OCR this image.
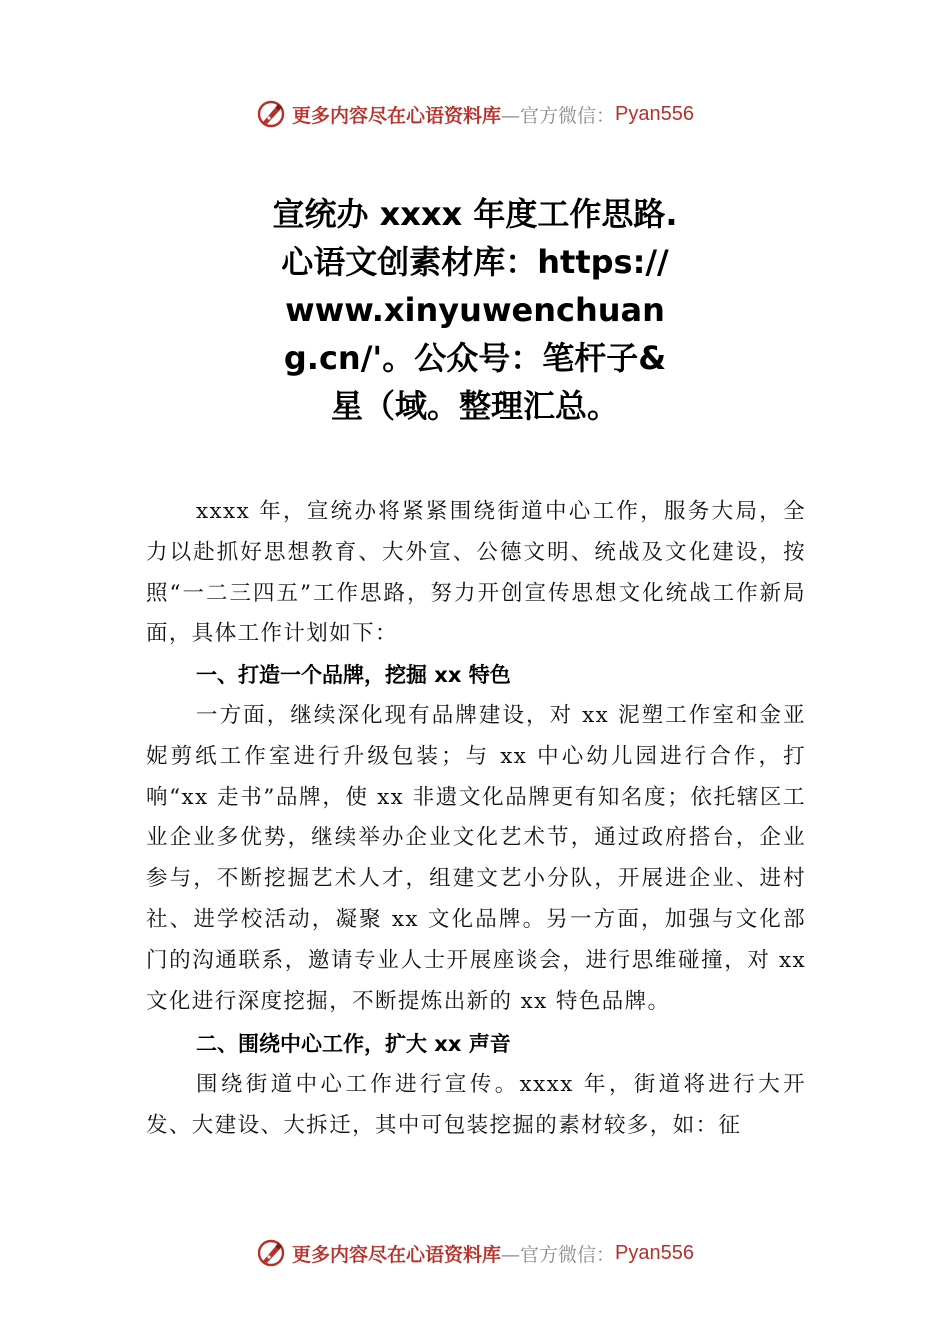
更多内容尽在心语资料库 —官方微信： Pyan556
宣统办 xxxx 年度工作思路.心语文创素材库：https://www.xinyuwenchuang.cn/'。公众号：笔杆子&星（域。整理汇总。

xxxx 年，宣统办将紧紧围绕街道中心工作，服务大局，全力以赴抓好思想教育、大外宣、公德文明、统战及文化建设，按照“一二三四五”工作思路，努力开创宣传思想文化统战工作新局面，具体工作计划如下：

一、打造一个品牌，挖掘 xx 特色

一方面，继续深化现有品牌建设，对 xx 泥塑工作室和金亚妮剪纸工作室进行升级包装；与 xx 中心幼儿园进行合作，打响“xx 走书”品牌，使 xx 非遗文化品牌更有知名度；依托辖区工业企业多优势，继续举办企业文化艺术节，通过政府搭台，企业参与，不断挖掘艺术人才，组建文艺小分队，开展进企业、进村社、进学校活动，凝聚 xx 文化品牌。另一方面，加强与文化部门的沟通联系，邀请专业人士开展座谈会，进行思维碰撞，对 xx 文化进行深度挖掘，不断提炼出新的 xx 特色品牌。

二、围绕中心工作，扩大 xx 声音

围绕街道中心工作进行宣传。xxxx 年，街道将进行大开发、大建设、大拆迁，其中可包装挖掘的素材较多，如：征

更多内容尽在心语资料库 —官方微信： Pyan556
